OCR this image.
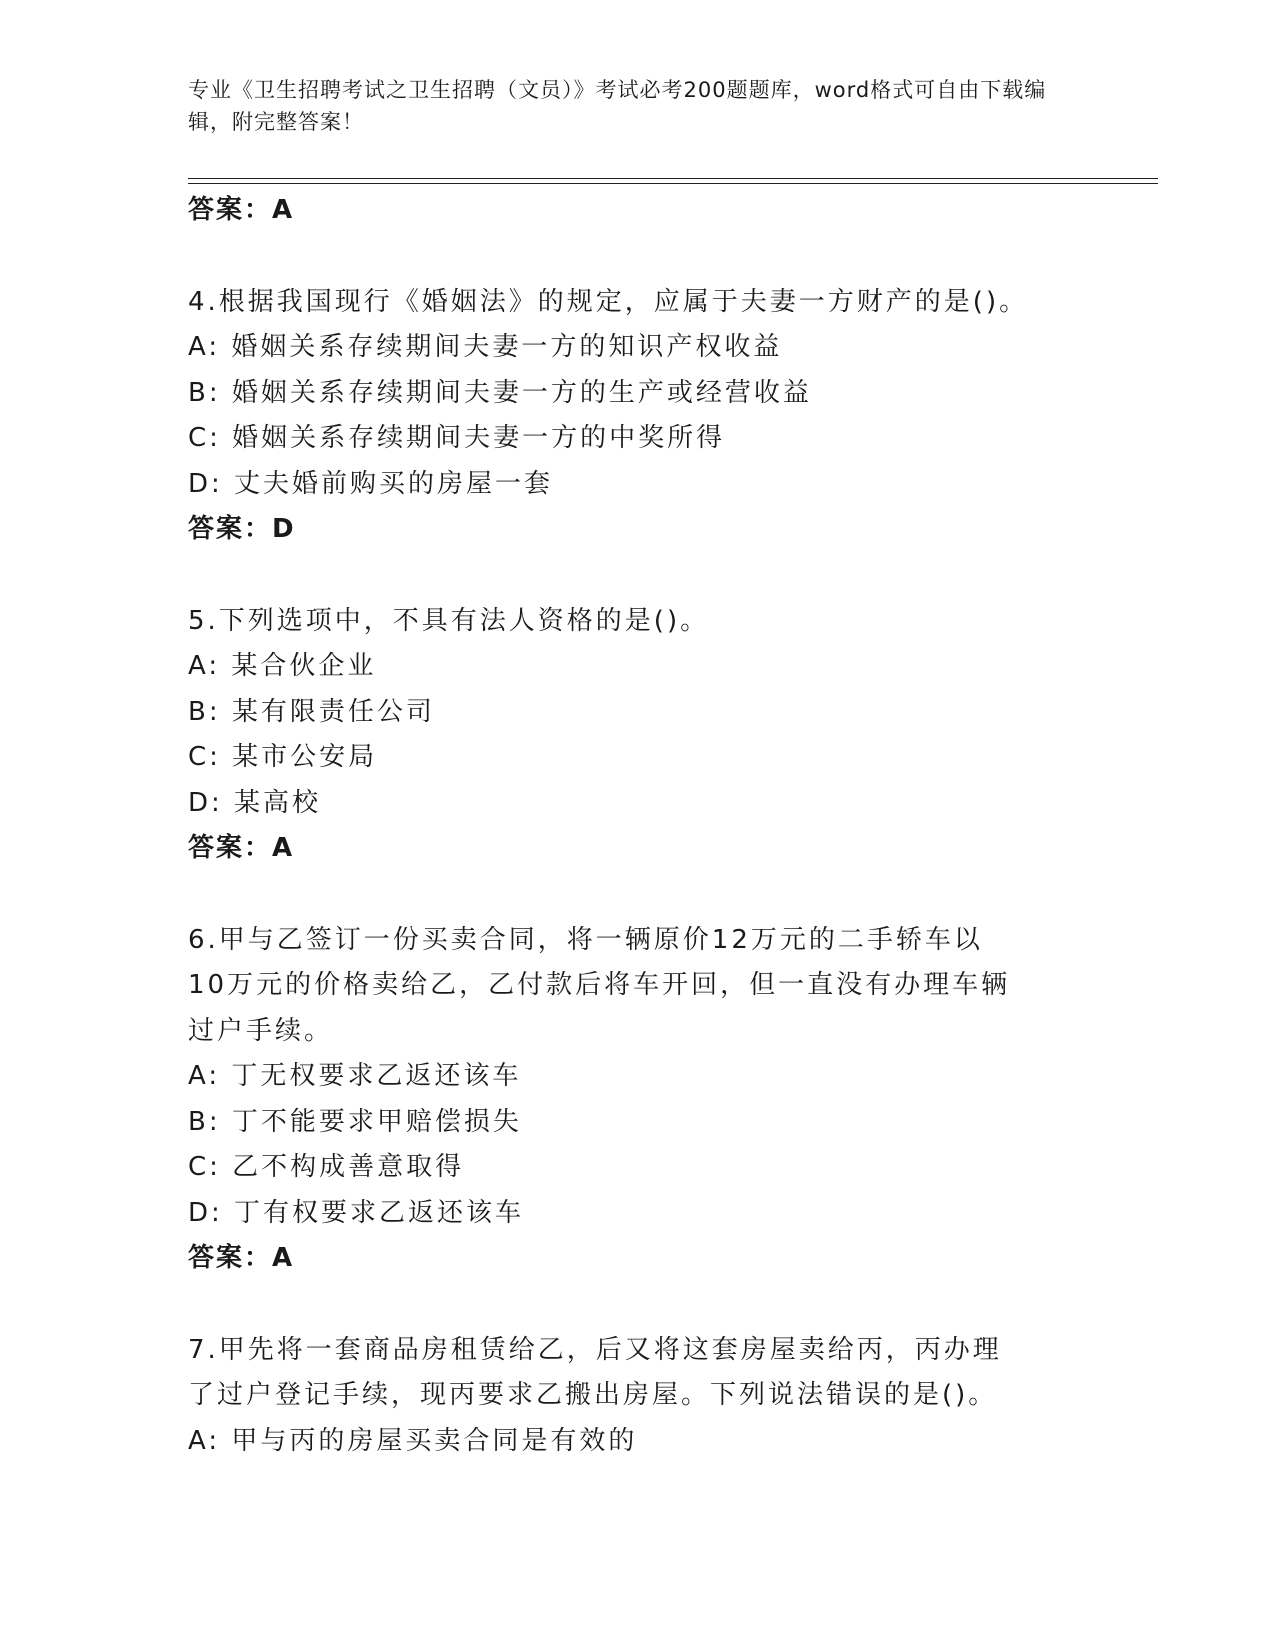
专业《卫生招聘考试之卫生招聘（文员）》考试必考200题题库，word格式可自由下载编辑，附完整答案！
答案：A
4.根据我国现行《婚姻法》的规定，应属于夫妻一方财产的是()。
A: 婚姻关系存续期间夫妻一方的知识产权收益
B: 婚姻关系存续期间夫妻一方的生产或经营收益
C: 婚姻关系存续期间夫妻一方的中奖所得
D: 丈夫婚前购买的房屋一套
答案：D
5.下列选项中，不具有法人资格的是()。
A: 某合伙企业
B: 某有限责任公司
C: 某市公安局
D: 某高校
答案：A
6.甲与乙签订一份买卖合同，将一辆原价12万元的二手轿车以10万元的价格卖给乙，乙付款后将车开回，但一直没有办理车辆过户手续。
A: 丁无权要求乙返还该车
B: 丁不能要求甲赔偿损失
C: 乙不构成善意取得
D: 丁有权要求乙返还该车
答案：A
7.甲先将一套商品房租赁给乙，后又将这套房屋卖给丙，丙办理了过户登记手续，现丙要求乙搬出房屋。下列说法错误的是()。
A: 甲与丙的房屋买卖合同是有效的
